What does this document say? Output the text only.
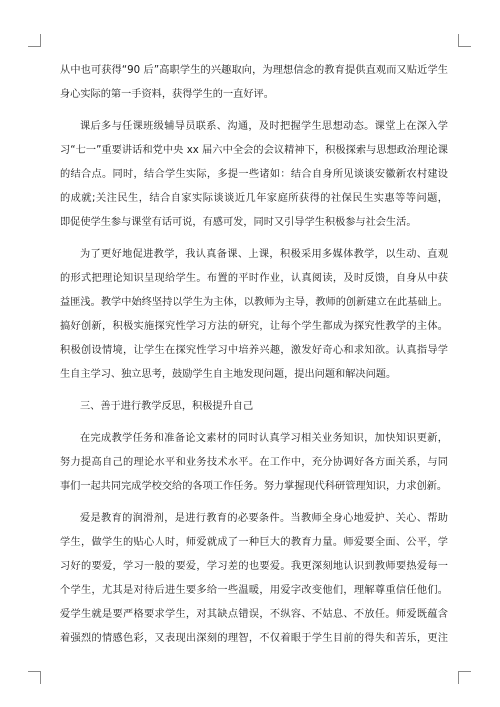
从中也可获得“90 后”高职学生的兴趣取向，为理想信念的教育提供直观而又贴近学生
身心实际的第一手资料，获得学生的一直好评。
课后多与任课班级辅导员联系、沟通，及时把握学生思想动态。课堂上在深入学
习“七一”重要讲话和党中央 xx 届六中全会的会议精神下，积极探索与思想政治理论课
的结合点。同时，结合学生实际，多提一些诸如：结合自身所见谈谈安徽新农村建设
的成就;关注民生，结合自家实际谈谈近几年家庭所获得的社保民生实惠等等问题，
即促使学生参与课堂有话可说，有感可发，同时又引导学生积极参与社会生活。
为了更好地促进教学，我认真备课、上课，积极采用多媒体教学，以生动、直观
的形式把理论知识呈现给学生。布置的平时作业，认真阅读，及时反馈，自身从中获
益匪浅。教学中始终坚持以学生为主体，以教师为主导，教师的创新建立在此基础上。
搞好创新，积极实施探究性学习方法的研究，让每个学生都成为探究性教学的主体。
积极创设情境，让学生在探究性学习中培养兴趣，激发好奇心和求知欲。认真指导学
生自主学习、独立思考，鼓励学生自主地发现问题，提出问题和解决问题。
三、善于进行教学反思，积极提升自己
在完成教学任务和准备论文素材的同时认真学习相关业务知识，加快知识更新，
努力提高自己的理论水平和业务技术水平。在工作中，充分协调好各方面关系，与同
事们一起共同完成学校交给的各项工作任务。努力掌握现代科研管理知识，力求创新。
爱是教育的润滑剂，是进行教育的必要条件。当教师全身心地爱护、关心、帮助
学生，做学生的贴心人时，师爱就成了一种巨大的教育力量。师爱要全面、公平，学
习好的要爱，学习一般的要爱，学习差的也要爱。我更深刻地认识到教师要热爱每一
个学生，尤其是对待后进生要多给一些温暖，用爱字改变他们，理解尊重信任他们。
爱学生就是要严格要求学生，对其缺点错误，不纵容、不姑息、不放任。师爱既蕴含
着强烈的情感色彩，又表现出深刻的理智，不仅着眼于学生目前的得失和苦乐，更注
